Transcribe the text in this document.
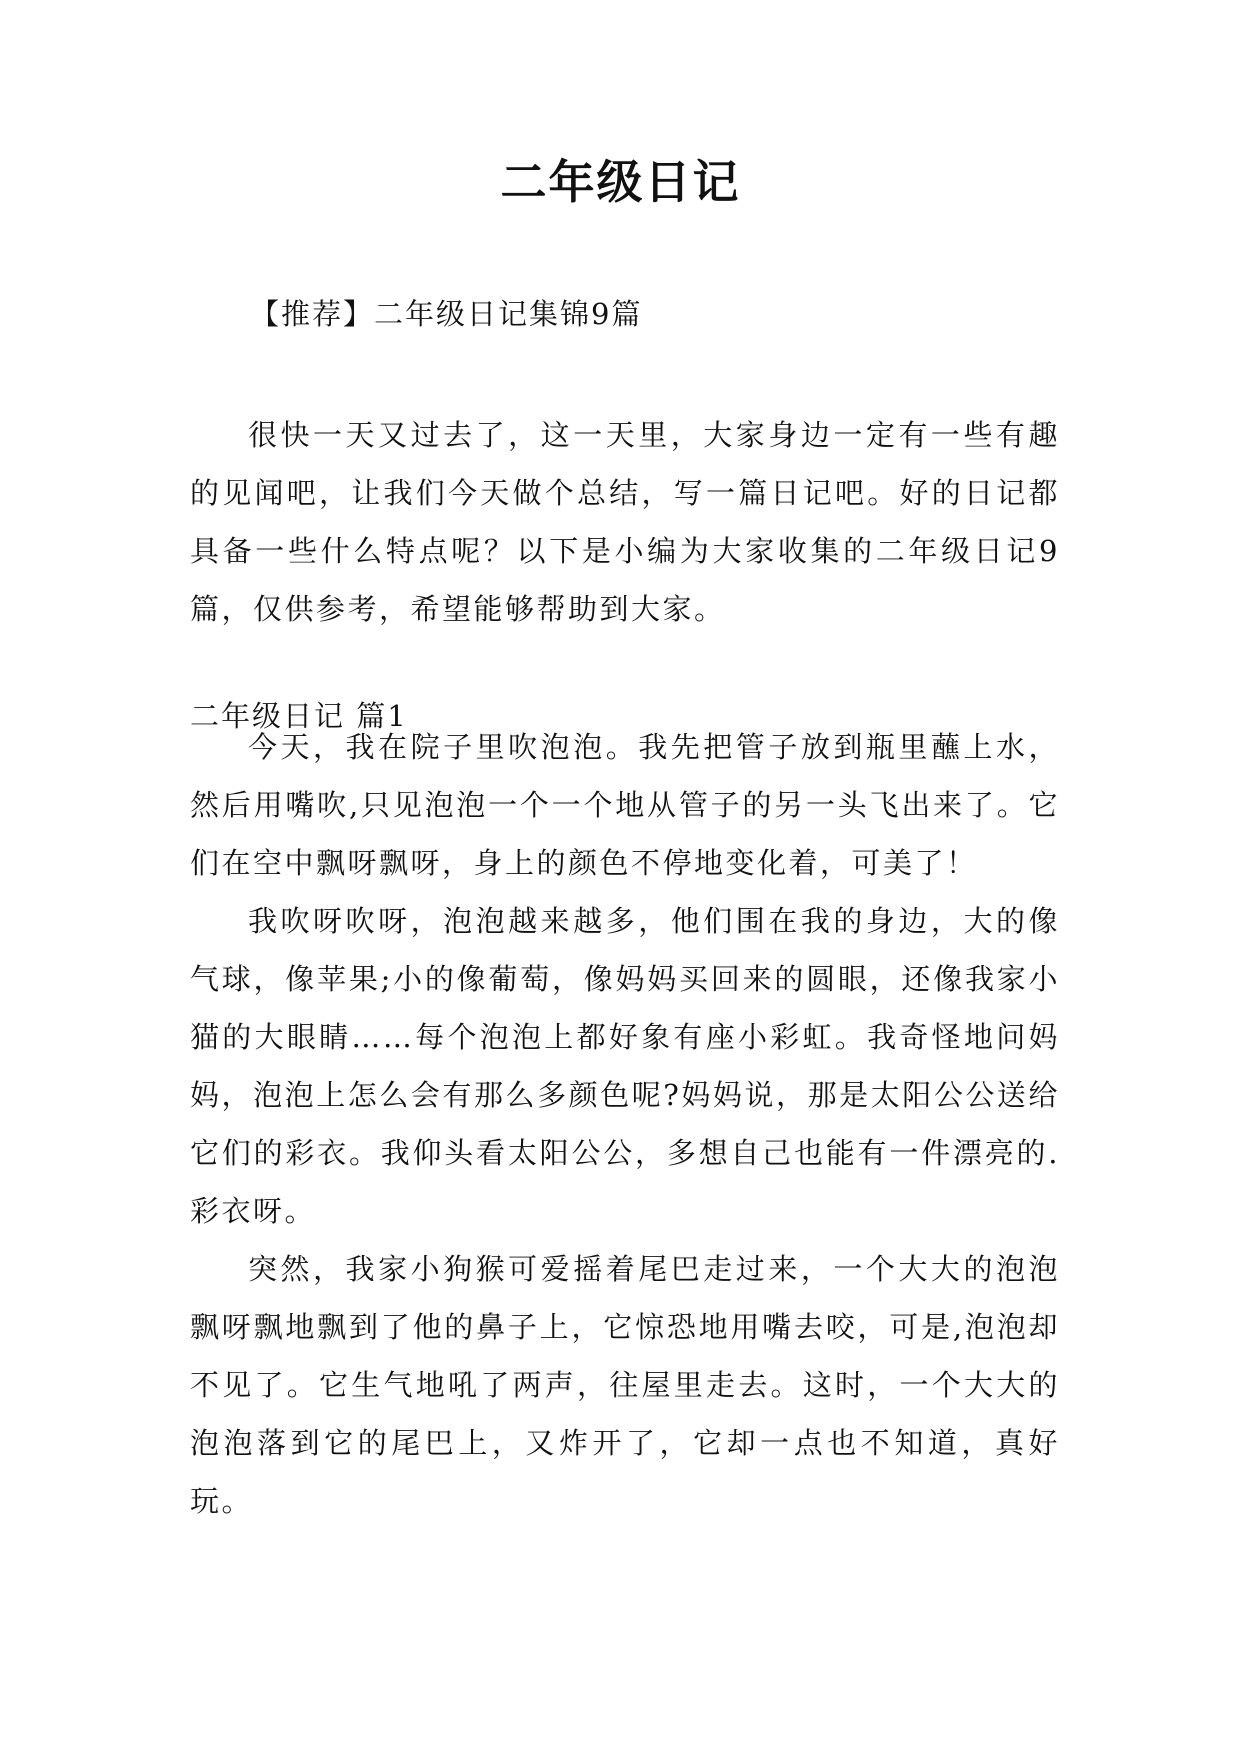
二年级日记

【推荐】二年级日记集锦9篇

很快一天又过去了，这一天里，大家身边一定有一些有趣的见闻吧，让我们今天做个总结，写一篇日记吧。好的日记都具备一些什么特点呢？以下是小编为大家收集的二年级日记9篇，仅供参考，希望能够帮助到大家。

二年级日记 篇1

今天，我在院子里吹泡泡。我先把管子放到瓶里蘸上水，然后用嘴吹,只见泡泡一个一个地从管子的另一头飞出来了。它们在空中飘呀飘呀，身上的颜色不停地变化着，可美了！

我吹呀吹呀，泡泡越来越多，他们围在我的身边，大的像气球，像苹果;小的像葡萄，像妈妈买回来的圆眼，还像我家小猫的大眼睛……每个泡泡上都好象有座小彩虹。我奇怪地问妈妈，泡泡上怎么会有那么多颜色呢?妈妈说，那是太阳公公送给它们的彩衣。我仰头看太阳公公，多想自己也能有一件漂亮的.彩衣呀。

突然，我家小狗猴可爱摇着尾巴走过来，一个大大的泡泡飘呀飘地飘到了他的鼻子上，它惊恐地用嘴去咬，可是,泡泡却不见了。它生气地吼了两声，往屋里走去。这时，一个大大的泡泡落到它的尾巴上，又炸开了，它却一点也不知道，真好玩。
